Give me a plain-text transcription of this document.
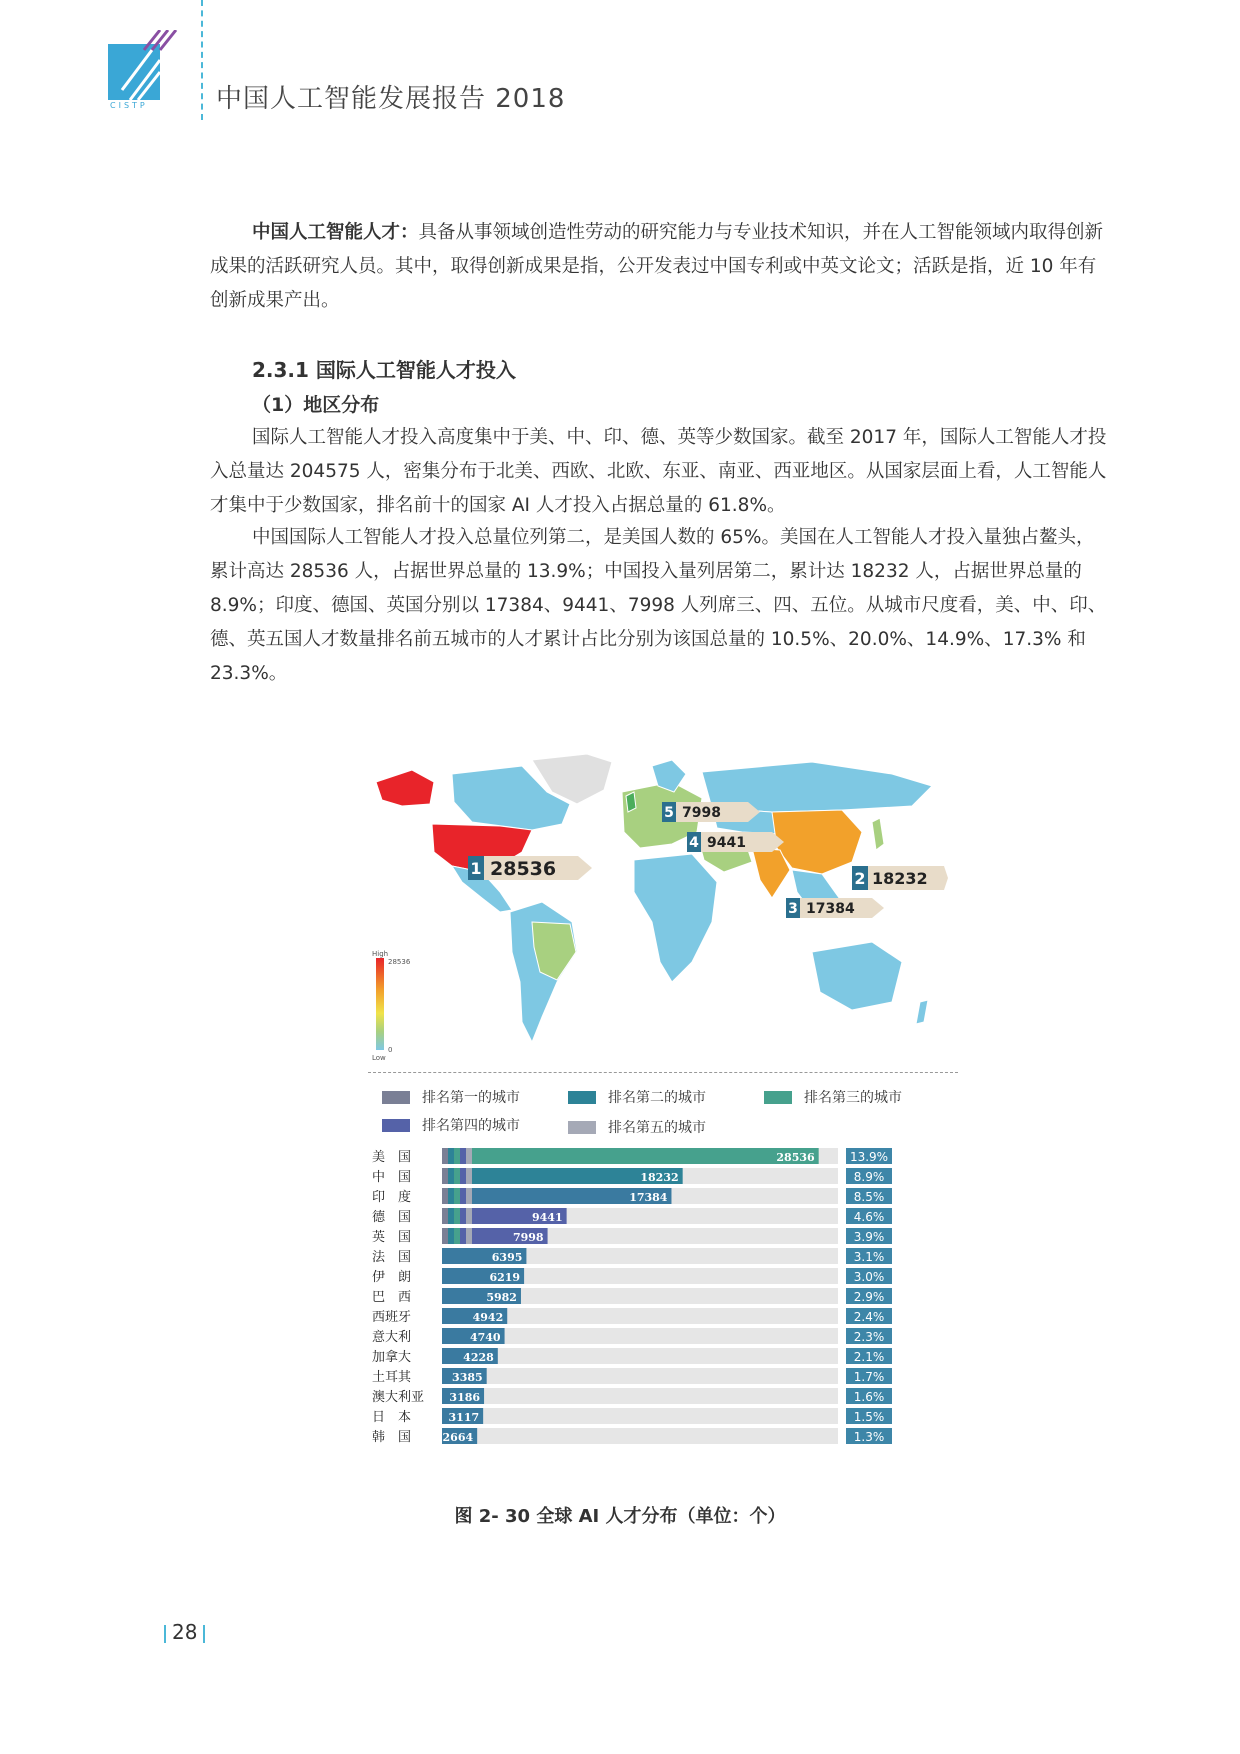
CISTP	中国人工智能发展报告 2018

中国人工智能人才：具备从事领域创造性劳动的研究能力与专业技术知识，并在人工智能领域内取得创新成果的活跃研究人员。其中，取得创新成果是指，公开发表过中国专利或中英文论文；活跃是指，近 10 年有创新成果产出。

2.3.1 国际人工智能人才投入
（1）地区分布

国际人工智能人才投入高度集中于美、中、印、德、英等少数国家。截至 2017 年，国际人工智能人才投入总量达 204575 人，密集分布于北美、西欧、北欧、东亚、南亚、西亚地区。从国家层面上看，人工智能人才集中于少数国家，排名前十的国家 AI 人才投入占据总量的 61.8%。

中国国际人工智能人才投入总量位列第二，是美国人数的 65%。美国在人工智能人才投入量独占鳌头，累计高达 28536 人，占据世界总量的 13.9%；中国投入量列居第二，累计达 18232 人，占据世界总量的 8.9%；印度、德国、英国分别以 17384、9441、7998 人列席三、四、五位。从城市尺度看，美、中、印、德、英五国人才数量排名前五城市的人才累计占比分别为该国总量的 10.5%、20.0%、14.9%、17.3% 和 23.3%。

1 28536	2 18232
3 17384
4 9441
5 7998
High
28536
Low
0
排名第一的城市	排名第二的城市	排名第三的城市
排名第四的城市	排名第五的城市
美　国	28536	13.9%
中　国	18232	8.9%
印　度	17384	8.5%
德　国	9441	4.6%
英　国	7998	3.9%
法　国	6395	3.1%
伊　朗	6219	3.0%
巴　西	5982	2.9%
西班牙	4942	2.4%
意大利	4740	2.3%
加拿大	4228	2.1%
土耳其	3385	1.7%
澳大利亚 3186	1.6%
日　本	3117	1.5%
韩　国	2664	1.3%
图 2- 30 全球 AI 人才分布（单位：个）
28
